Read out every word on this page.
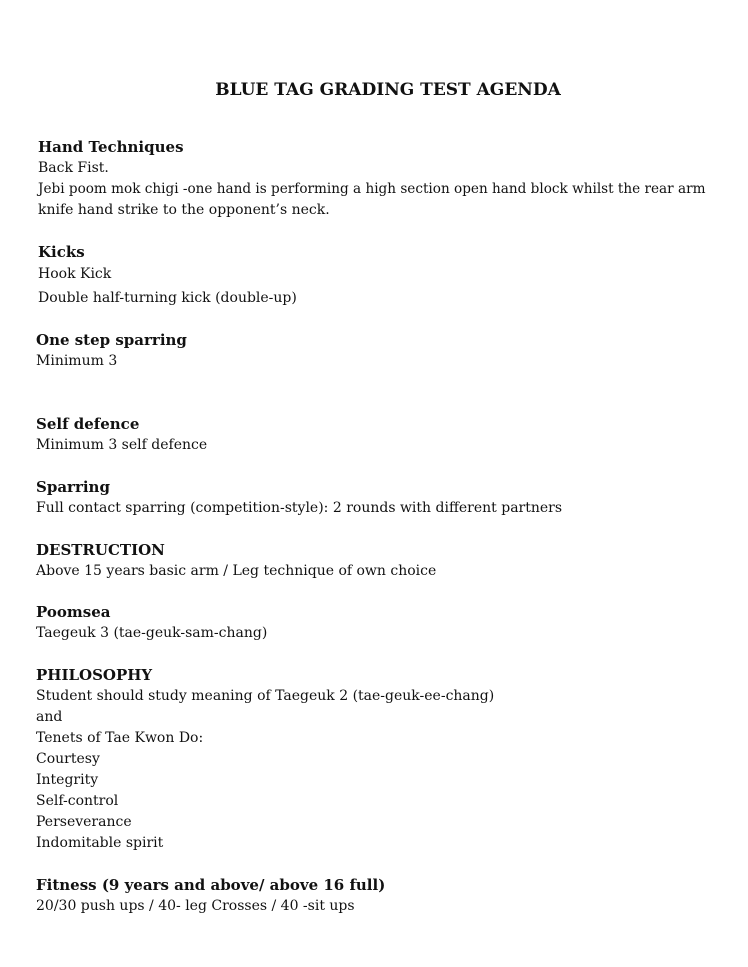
BLUE TAG GRADING TEST AGENDA
Hand Techniques
Back Fist.
Jebi poom mok chigi -one hand is performing a high section open hand block whilst the rear arm
knife hand strike to the opponent’s neck.
Kicks
Hook Kick
Double half-turning kick (double-up)
One step sparring
Minimum 3
Self defence
Minimum 3 self defence
Sparring
Full contact sparring (competition-style): 2 rounds with different partners
DESTRUCTION
Above 15 years basic arm / Leg technique of own choice
Poomsea
Taegeuk 3 (tae-geuk-sam-chang)
PHILOSOPHY
Student should study meaning of Taegeuk 2 (tae-geuk-ee-chang)
and
Tenets of Tae Kwon Do:
Courtesy
Integrity
Self-control
Perseverance
Indomitable spirit
Fitness (9 years and above/ above 16 full)
20/30 push ups / 40- leg Crosses / 40 -sit ups
